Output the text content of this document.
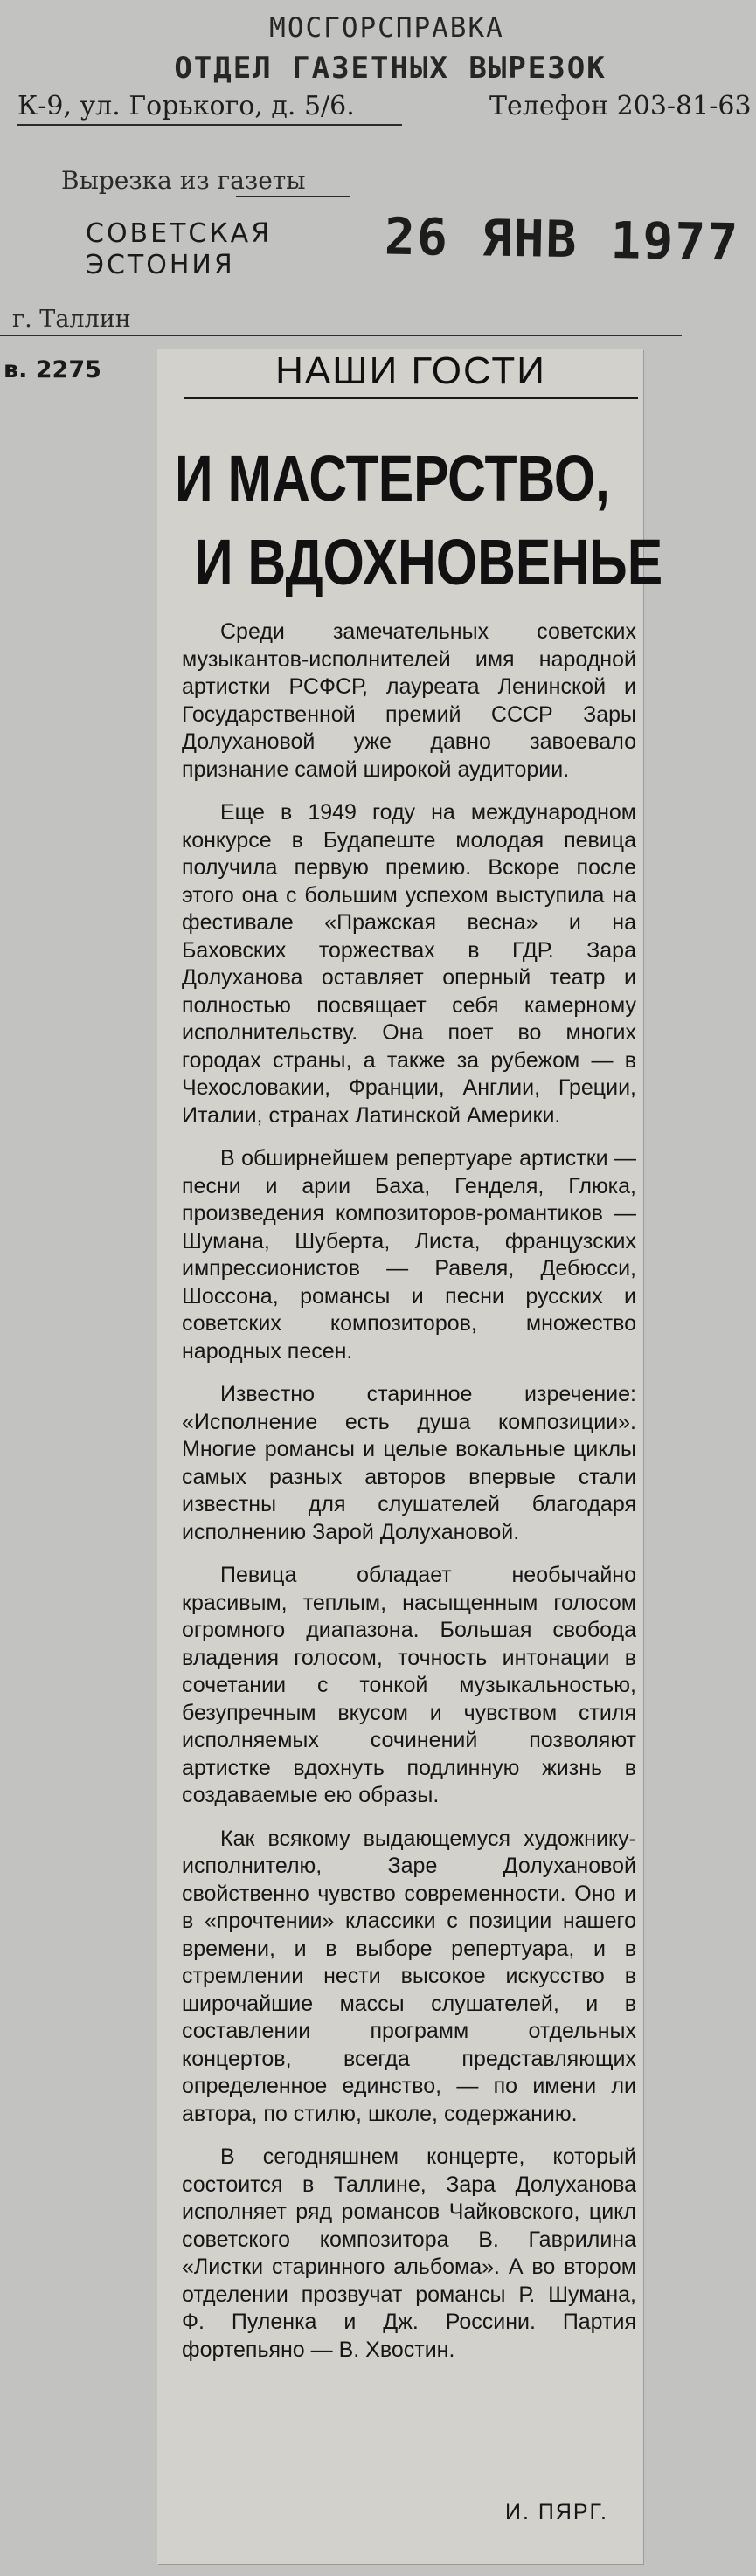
МОСГОРСПРАВКА
ОТДЕЛ ГАЗЕТНЫХ ВЫРЕЗОК
К-9, ул. Горького, д. 5/6.	Телефон 203-81-63
Вырезка из газеты
СОВЕТСКАЯ
ЭСТОНИЯ	26 ЯНВ 1977
г. Таллин
в. 2275	НАШИ ГОСТИ
И МАСТЕРСТВО,
И ВДОХНОВЕНЬЕ

Среди замечательных советских музыкантов-исполнителей имя народной артистки РСФСР, лауреата Ленинской и Государственной премий СССР Зары Долухановой уже давно завоевало признание самой широкой аудитории.

Еще в 1949 году на международном конкурсе в Будапеште молодая певица получила первую премию. Вскоре после этого она с большим успехом выступила на фестивале «Пражская весна» и на Баховских торжествах в ГДР. Зара Долуханова оставляет оперный театр и полностью посвящает себя камерному исполнительству. Она поет во многих городах страны, а также за рубежом — в Чехословакии, Франции, Англии, Греции, Италии, странах Латинской Америки.

В обширнейшем репертуаре артистки — песни и арии Баха, Генделя, Глюка, произведения композиторов-романтиков — Шумана, Шуберта, Листа, французских импрессионистов — Равеля, Дебюсси, Шоссона, романсы и песни русских и советских композиторов, множество народных песен.

Известно старинное изречение: «Исполнение есть душа композиции». Многие романсы и целые вокальные циклы самых разных авторов впервые стали известны для слушателей благодаря исполнению Зарой Долухановой.

Певица обладает необычайно красивым, теплым, насыщенным голосом огромного диапазона. Большая свобода владения голосом, точность интонации в сочетании с тонкой музыкальностью, безупречным вкусом и чувством стиля исполняемых сочинений позволяют артистке вдохнуть подлинную жизнь в создаваемые ею образы.

Как всякому выдающемуся художнику-исполнителю, Заре Долухановой свойственно чувство современности. Оно и в «прочтении» классики с позиции нашего времени, и в выборе репертуара, и в стремлении нести высокое искусство в широчайшие массы слушателей, и в составлении программ отдельных концертов, всегда представляющих определенное единство, — по имени ли автора, по стилю, школе, содержанию.

В сегодняшнем концерте, который состоится в Таллине, Зара Долуханова исполняет ряд романсов Чайковского, цикл советского композитора В. Гаврилина «Листки старинного альбома». А во втором отделении прозвучат романсы Р. Шумана, Ф. Пуленка и Дж. Россини. Партия фортепьяно — В. Хвостин.

И. ПЯРГ.
